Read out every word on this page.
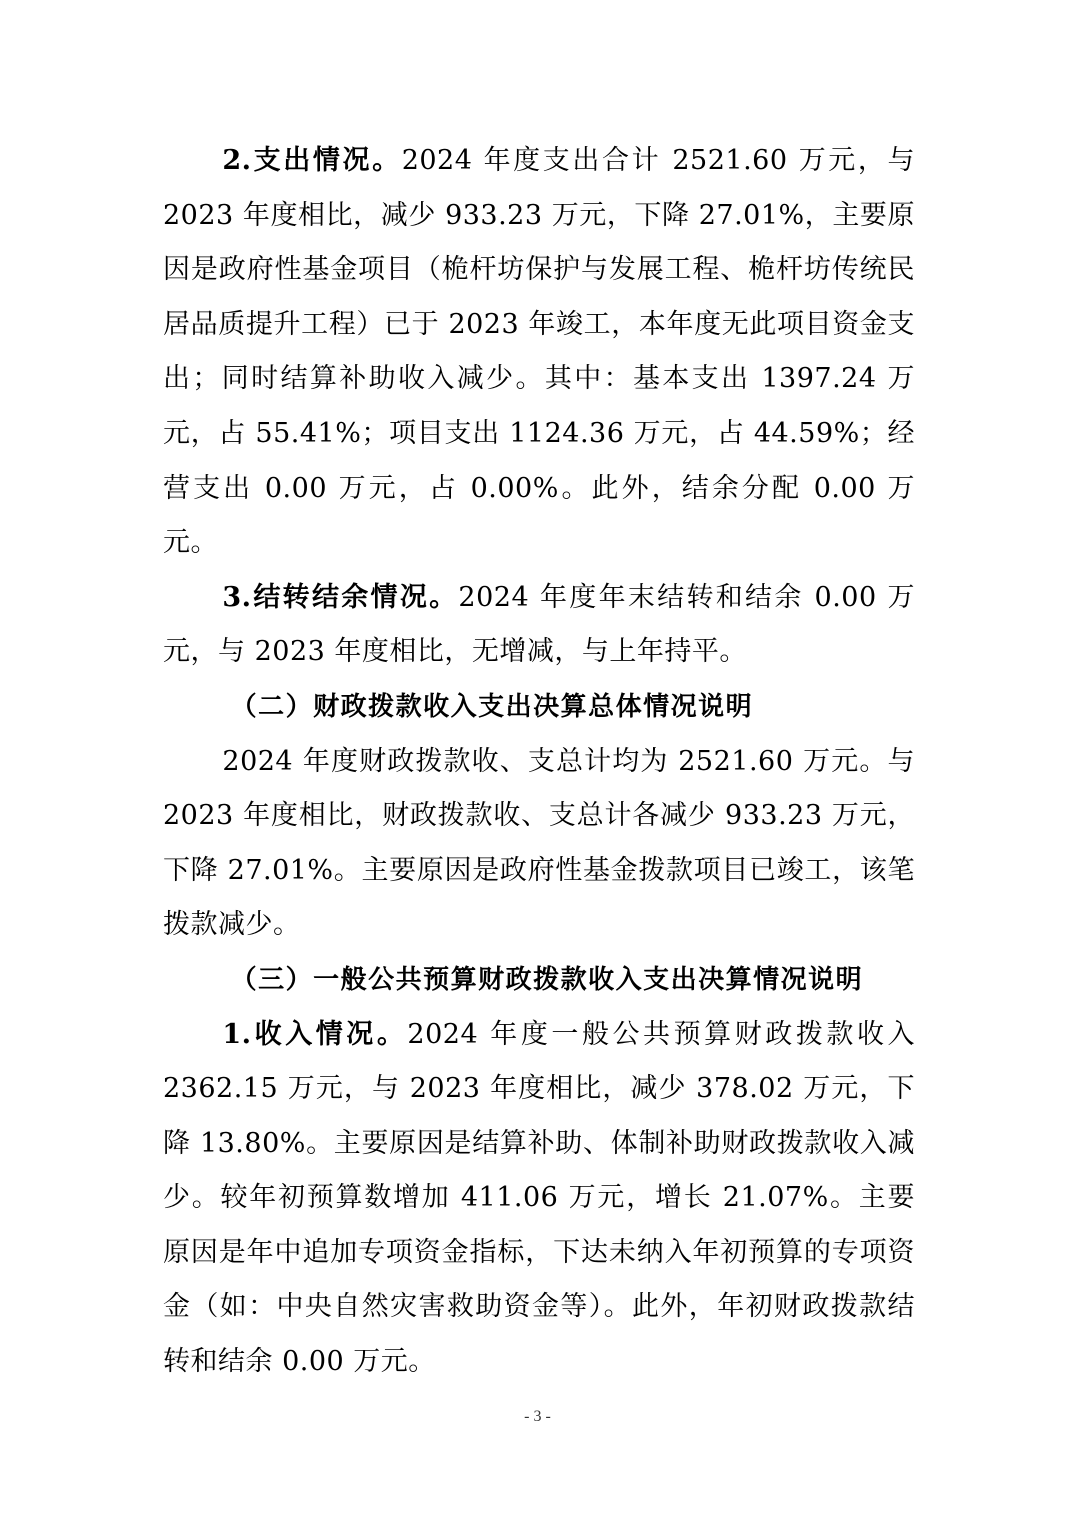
2.支出情况。2024 年度支出合计 2521.60 万元，与 2023 年度相比，减少 933.23 万元，下降 27.01%，主要原因是政府性基金项目（桅杆坊保护与发展工程、桅杆坊传统民居品质提升工程）已于 2023 年竣工，本年度无此项目资金支出；同时结算补助收入减少。其中：基本支出 1397.24 万元，占 55.41%；项目支出 1124.36 万元，占 44.59%；经营支出 0.00 万元，占 0.00%。此外，结余分配 0.00 万元。

3.结转结余情况。2024 年度年末结转和结余 0.00 万元，与 2023 年度相比，无增减，与上年持平。

（二）财政拨款收入支出决算总体情况说明

2024 年度财政拨款收、支总计均为 2521.60 万元。与 2023 年度相比，财政拨款收、支总计各减少 933.23 万元，下降 27.01%。主要原因是政府性基金拨款项目已竣工，该笔拨款减少。

（三）一般公共预算财政拨款收入支出决算情况说明

1.收入情况。2024 年度一般公共预算财政拨款收入 2362.15 万元，与 2023 年度相比，减少 378.02 万元，下降 13.80%。主要原因是结算补助、体制补助财政拨款收入减少。较年初预算数增加 411.06 万元，增长 21.07%。主要原因是年中追加专项资金指标，下达未纳入年初预算的专项资金（如：中央自然灾害救助资金等）。此外，年初财政拨款结转和结余 0.00 万元。

- 3 -
